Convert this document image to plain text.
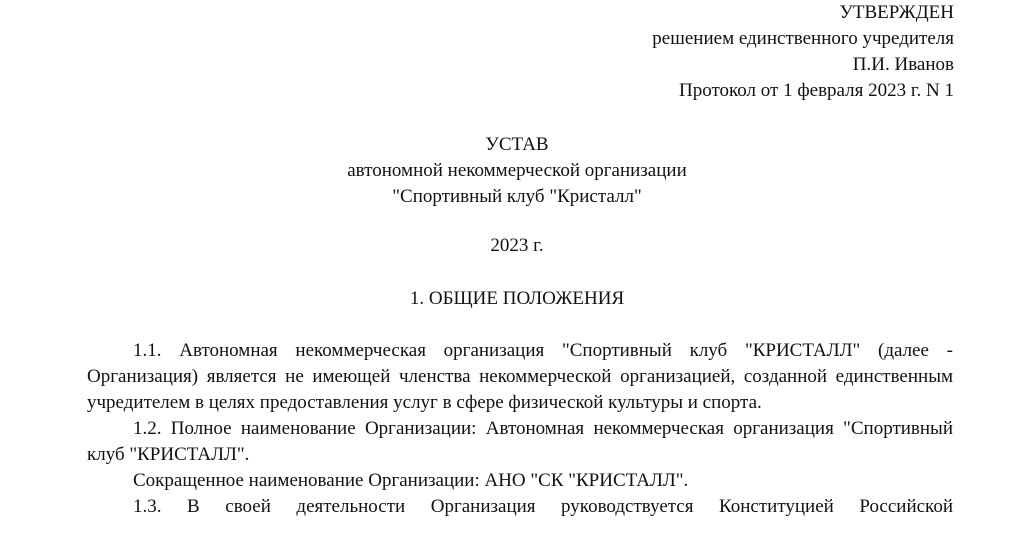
УТВЕРЖДЕН
решением единственного учредителя
П.И. Иванов
Протокол от 1 февраля 2023 г. N 1
УСТАВ
автономной некоммерческой организации
"Спортивный клуб "Кристалл"
2023 г.
1. ОБЩИЕ ПОЛОЖЕНИЯ

1.1. Автономная некоммерческая организация "Спортивный клуб "КРИСТАЛЛ" (далее - Организация) является не имеющей членства некоммерческой организацией, созданной единственным учредителем в целях предоставления услуг в сфере физической культуры и спорта.

1.2. Полное наименование Организации: Автономная некоммерческая организация "Спортивный клуб "КРИСТАЛЛ".

Сокращенное наименование Организации: АНО "СК "КРИСТАЛЛ".

1.3. В своей деятельности Организация руководствуется Конституцией Российской
